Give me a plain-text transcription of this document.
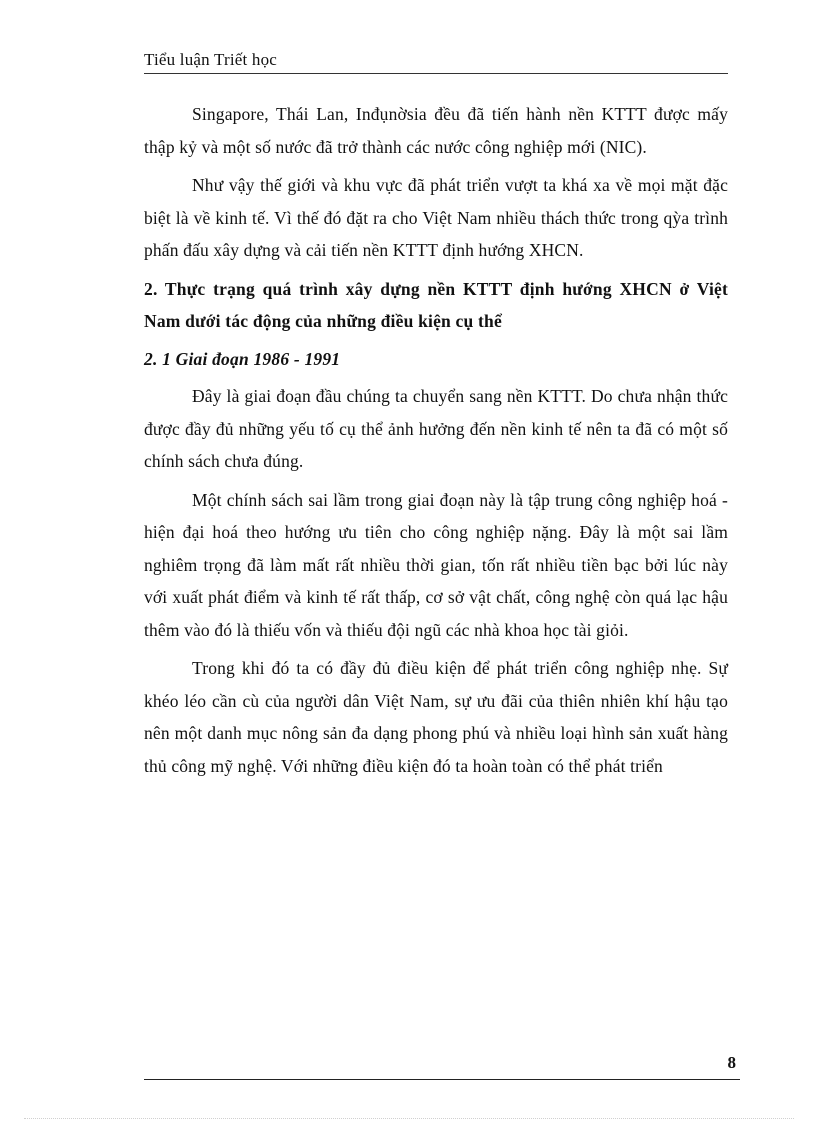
Tiểu luận Triết học

Singapore, Thái Lan, Inđụnờsia đều đã tiến hành nền KTTT được mấy thập kỷ và một số nước đã trở thành các nước công nghiệp mới (NIC).

Như vậy thế giới và khu vực đã phát triển vượt ta khá xa về mọi mặt đặc biệt là về kinh tế. Vì thế đó đặt ra cho Việt Nam nhiều thách thức trong qỳa trình phấn đấu xây dựng và cải tiến nền KTTT định hướng XHCN.

2. Thực trạng quá trình xây dựng nền KTTT định hướng XHCN ở Việt Nam dưới tác động của những điều kiện cụ thể

2. 1 Giai đoạn 1986 - 1991

Đây là giai đoạn đầu chúng ta chuyển sang nền KTTT. Do chưa nhận thức được đầy đủ những yếu tố cụ thể ảnh hưởng đến nền kinh tế nên ta đã có một số chính sách chưa đúng.

Một chính sách sai lầm trong giai đoạn này là tập trung công nghiệp hoá - hiện đại hoá theo hướng ưu tiên cho công nghiệp nặng. Đây là một sai lầm nghiêm trọng đã làm mất rất nhiều thời gian, tốn rất nhiều tiền bạc bởi lúc này với xuất phát điểm và kinh tế rất thấp, cơ sở vật chất, công nghệ còn quá lạc hậu thêm vào đó là thiếu vốn và thiếu đội ngũ các nhà khoa học tài giỏi.

Trong khi đó ta có đầy đủ điều kiện để phát triển công nghiệp nhẹ. Sự khéo léo cần cù của người dân Việt Nam, sự ưu đãi của thiên nhiên khí hậu tạo nên một danh mục nông sản đa dạng phong phú và nhiều loại hình sản xuất hàng thủ công mỹ nghệ. Với những điều kiện đó ta hoàn toàn có thể phát triển

8
